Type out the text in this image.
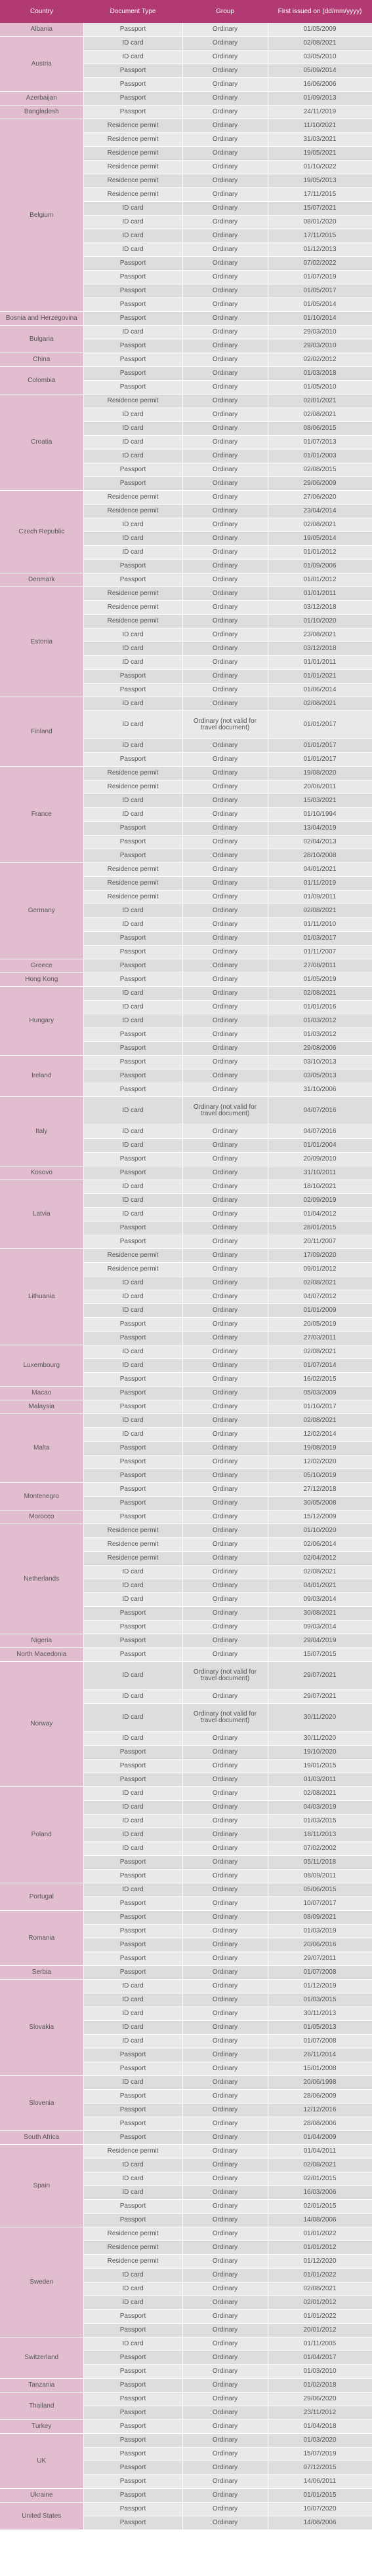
Country	Document Type	Group	First issued on (dd/mm/yyyy)
Albania	Passport	Ordinary	01/05/2009
Austria	ID card	Ordinary	02/08/2021
	ID card	Ordinary	03/05/2010
	Passport	Ordinary	05/09/2014
	Passport	Ordinary	16/06/2006
Azerbaijan	Passport	Ordinary	01/09/2013
Bangladesh	Passport	Ordinary	24/11/2019
Belgium	Residence permit	Ordinary	11/10/2021
	Residence permit	Ordinary	31/03/2021
	Residence permit	Ordinary	19/05/2021
	Residence permit	Ordinary	01/10/2022
	Residence permit	Ordinary	19/05/2013
	Residence permit	Ordinary	17/11/2015
	ID card	Ordinary	15/07/2021
	ID card	Ordinary	08/01/2020
	ID card	Ordinary	17/11/2015
	ID card	Ordinary	01/12/2013
	Passport	Ordinary	07/02/2022
	Passport	Ordinary	01/07/2019
	Passport	Ordinary	01/05/2017
	Passport	Ordinary	01/05/2014
Bosnia and Herzegovina	Passport	Ordinary	01/10/2014
Bulgaria	ID card	Ordinary	29/03/2010
	Passport	Ordinary	29/03/2010
China	Passport	Ordinary	02/02/2012
Colombia	Passport	Ordinary	01/03/2018
	Passport	Ordinary	01/05/2010
Croatia	Residence permit	Ordinary	02/01/2021
	ID card	Ordinary	02/08/2021
	ID card	Ordinary	08/06/2015
	ID card	Ordinary	01/07/2013
	ID card	Ordinary	01/01/2003
	Passport	Ordinary	02/08/2015
	Passport	Ordinary	29/06/2009
Czech Republic	Residence permit	Ordinary	27/06/2020
	Residence permit	Ordinary	23/04/2014
	ID card	Ordinary	02/08/2021
	ID card	Ordinary	19/05/2014
	ID card	Ordinary	01/01/2012
	Passport	Ordinary	01/09/2006
Denmark	Passport	Ordinary	01/01/2012
Estonia	Residence permit	Ordinary	01/01/2011
	Residence permit	Ordinary	03/12/2018
	Residence permit	Ordinary	01/10/2020
	ID card	Ordinary	23/08/2021
	ID card	Ordinary	03/12/2018
	ID card	Ordinary	01/01/2011
	Passport	Ordinary	01/01/2021
	Passport	Ordinary	01/06/2014
Finland	ID card	Ordinary	02/08/2021
	ID card	Ordinary (not valid for travel document)	01/01/2017
	ID card	Ordinary	01/01/2017
	Passport	Ordinary	01/01/2017
France	Residence permit	Ordinary	19/08/2020
	Residence permit	Ordinary	20/06/2011
	ID card	Ordinary	15/03/2021
	ID card	Ordinary	01/10/1994
	Passport	Ordinary	13/04/2019
	Passport	Ordinary	02/04/2013
	Passport	Ordinary	28/10/2008
Germany	Residence permit	Ordinary	04/01/2021
	Residence permit	Ordinary	01/11/2019
	Residence permit	Ordinary	01/09/2011
	ID card	Ordinary	02/08/2021
	ID card	Ordinary	01/11/2010
	Passport	Ordinary	01/03/2017
	Passport	Ordinary	01/11/2007
Greece	Passport	Ordinary	27/08/2011
Hong Kong	Passport	Ordinary	01/05/2019
Hungary	ID card	Ordinary	02/08/2021
	ID card	Ordinary	01/01/2016
	ID card	Ordinary	01/03/2012
	Passport	Ordinary	01/03/2012
	Passport	Ordinary	29/08/2006
Ireland	Passport	Ordinary	03/10/2013
	Passport	Ordinary	03/05/2013
	Passport	Ordinary	31/10/2006
Italy	ID card	Ordinary (not valid for travel document)	04/07/2016
	ID card	Ordinary	04/07/2016
	ID card	Ordinary	01/01/2004
	Passport	Ordinary	20/09/2010
Kosovo	Passport	Ordinary	31/10/2011
Latvia	ID card	Ordinary	18/10/2021
	ID card	Ordinary	02/09/2019
	ID card	Ordinary	01/04/2012
	Passport	Ordinary	28/01/2015
	Passport	Ordinary	20/11/2007
Lithuania	Residence permit	Ordinary	17/09/2020
	Residence permit	Ordinary	09/01/2012
	ID card	Ordinary	02/08/2021
	ID card	Ordinary	04/07/2012
	ID card	Ordinary	01/01/2009
	Passport	Ordinary	20/05/2019
	Passport	Ordinary	27/03/2011
Luxembourg	ID card	Ordinary	02/08/2021
	ID card	Ordinary	01/07/2014
	Passport	Ordinary	16/02/2015
Macao	Passport	Ordinary	05/03/2009
Malaysia	Passport	Ordinary	01/10/2017
Malta	ID card	Ordinary	02/08/2021
	ID card	Ordinary	12/02/2014
	Passport	Ordinary	19/08/2019
	Passport	Ordinary	12/02/2020
	Passport	Ordinary	05/10/2019
Montenegro	Passport	Ordinary	27/12/2018
	Passport	Ordinary	30/05/2008
Morocco	Passport	Ordinary	15/12/2009
Netherlands	Residence permit	Ordinary	01/10/2020
	Residence permit	Ordinary	02/06/2014
	Residence permit	Ordinary	02/04/2012
	ID card	Ordinary	02/08/2021
	ID card	Ordinary	04/01/2021
	ID card	Ordinary	09/03/2014
	Passport	Ordinary	30/08/2021
	Passport	Ordinary	09/03/2014
Nigeria	Passport	Ordinary	29/04/2019
North Macedonia	Passport	Ordinary	15/07/2015
Norway	ID card	Ordinary (not valid for travel document)	29/07/2021
	ID card	Ordinary	29/07/2021
	ID card	Ordinary (not valid for travel document)	30/11/2020
	ID card	Ordinary	30/11/2020
	Passport	Ordinary	19/10/2020
	Passport	Ordinary	19/01/2015
	Passport	Ordinary	01/03/2011
Poland	ID card	Ordinary	02/08/2021
	ID card	Ordinary	04/03/2019
	ID card	Ordinary	01/03/2015
	ID card	Ordinary	18/11/2013
	ID card	Ordinary	07/02/2002
	Passport	Ordinary	05/11/2018
	Passport	Ordinary	08/09/2011
Portugal	ID card	Ordinary	05/06/2015
	Passport	Ordinary	10/07/2017
Romania	Passport	Ordinary	08/09/2021
	Passport	Ordinary	01/03/2019
	Passport	Ordinary	20/06/2016
	Passport	Ordinary	29/07/2011
Serbia	Passport	Ordinary	01/07/2008
Slovakia	ID card	Ordinary	01/12/2019
	ID card	Ordinary	01/03/2015
	ID card	Ordinary	30/11/2013
	ID card	Ordinary	01/05/2013
	ID card	Ordinary	01/07/2008
	Passport	Ordinary	26/11/2014
	Passport	Ordinary	15/01/2008
Slovenia	ID card	Ordinary	20/06/1998
	Passport	Ordinary	28/06/2009
	Passport	Ordinary	12/12/2016
	Passport	Ordinary	28/08/2006
South Africa	Passport	Ordinary	01/04/2009
Spain	Residence permit	Ordinary	01/04/2011
	ID card	Ordinary	02/08/2021
	ID card	Ordinary	02/01/2015
	ID card	Ordinary	16/03/2006
	Passport	Ordinary	02/01/2015
	Passport	Ordinary	14/08/2006
Sweden	Residence permit	Ordinary	01/01/2022
	Residence permit	Ordinary	01/01/2012
	Residence permit	Ordinary	01/12/2020
	ID card	Ordinary	01/01/2022
	ID card	Ordinary	02/08/2021
	ID card	Ordinary	02/01/2012
	Passport	Ordinary	01/01/2022
	Passport	Ordinary	20/01/2012
Switzerland	ID card	Ordinary	01/11/2005
	Passport	Ordinary	01/04/2017
	Passport	Ordinary	01/03/2010
Tanzania	Passport	Ordinary	01/02/2018
Thailand	Passport	Ordinary	29/06/2020
	Passport	Ordinary	23/11/2012
Turkey	Passport	Ordinary	01/04/2018
UK	Passport	Ordinary	01/03/2020
	Passport	Ordinary	15/07/2019
	Passport	Ordinary	07/12/2015
	Passport	Ordinary	14/06/2011
Ukraine	Passport	Ordinary	01/01/2015
United States	Passport	Ordinary	10/07/2020
	Passport	Ordinary	14/08/2006
